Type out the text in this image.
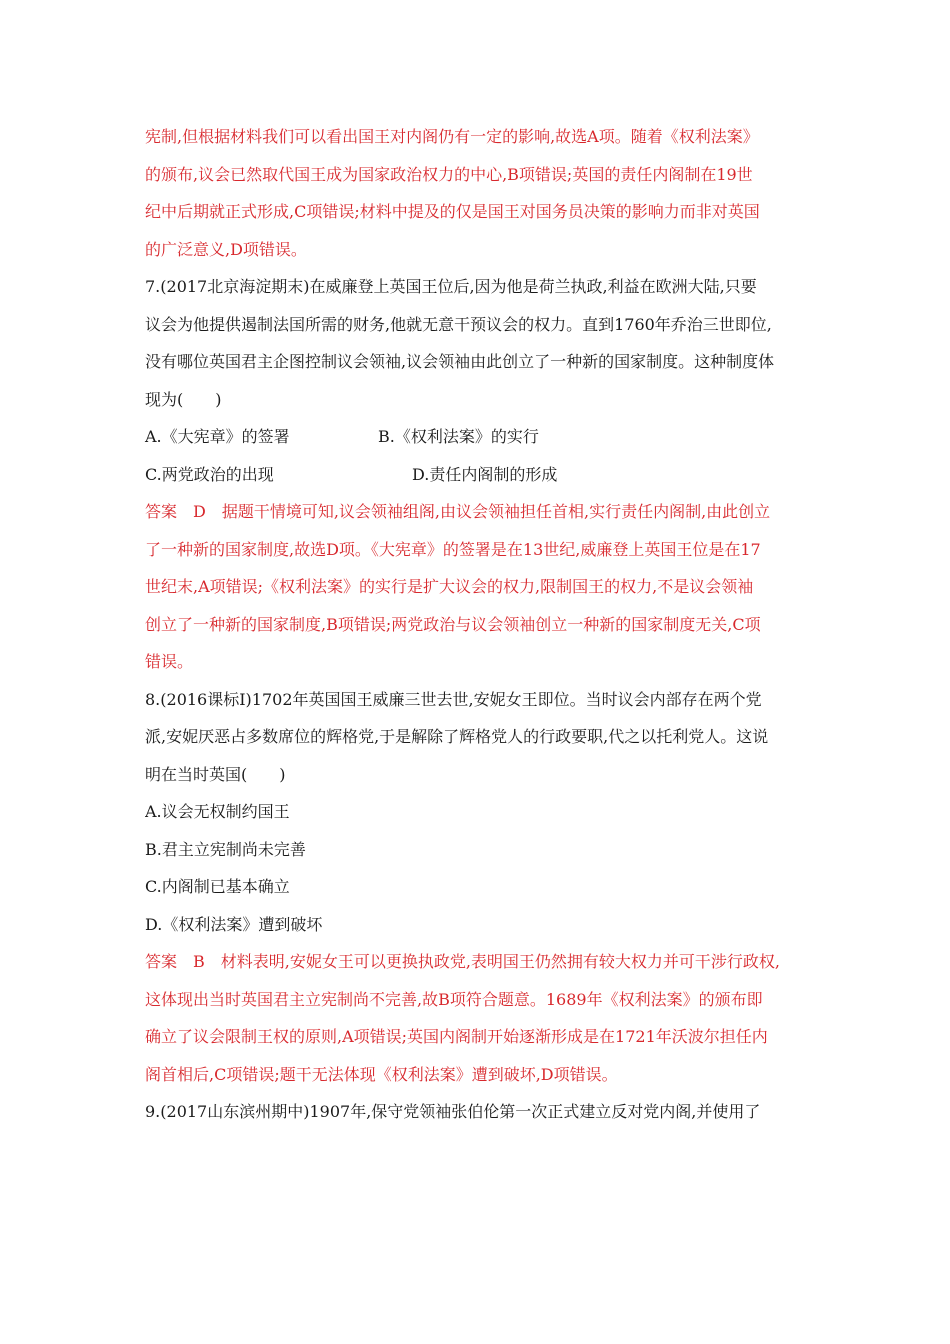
宪制,但根据材料我们可以看出国王对内阁仍有一定的影响,故选A项。随着《权利法案》
的颁布,议会已然取代国王成为国家政治权力的中心,B项错误;英国的责任内阁制在19世
纪中后期就正式形成,C项错误;材料中提及的仅是国王对国务员决策的影响力而非对英国
的广泛意义,D项错误。
7.(2017北京海淀期末)在威廉登上英国王位后,因为他是荷兰执政,利益在欧洲大陆,只要
议会为他提供遏制法国所需的财务,他就无意干预议会的权力。直到1760年乔治三世即位,
没有哪位英国君主企图控制议会领袖,议会领袖由此创立了一种新的国家制度。这种制度体
现为(　　)
A.《大宪章》的签署	B.《权利法案》的实行
C.两党政治的出现	D.责任内阁制的形成
答案　D　据题干情境可知,议会领袖组阁,由议会领袖担任首相,实行责任内阁制,由此创立
了一种新的国家制度,故选D项。《大宪章》的签署是在13世纪,威廉登上英国王位是在17
世纪末,A项错误;《权利法案》的实行是扩大议会的权力,限制国王的权力,不是议会领袖
创立了一种新的国家制度,B项错误;两党政治与议会领袖创立一种新的国家制度无关,C项
错误。
8.(2016课标Ⅰ)1702年英国国王威廉三世去世,安妮女王即位。当时议会内部存在两个党
派,安妮厌恶占多数席位的辉格党,于是解除了辉格党人的行政要职,代之以托利党人。这说
明在当时英国(　　)
A.议会无权制约国王
B.君主立宪制尚未完善
C.内阁制已基本确立
D.《权利法案》遭到破坏
答案　B　材料表明,安妮女王可以更换执政党,表明国王仍然拥有较大权力并可干涉行政权,
这体现出当时英国君主立宪制尚不完善,故B项符合题意。1689年《权利法案》的颁布即
确立了议会限制王权的原则,A项错误;英国内阁制开始逐渐形成是在1721年沃波尔担任内
阁首相后,C项错误;题干无法体现《权利法案》遭到破坏,D项错误。
9.(2017山东滨州期中)1907年,保守党领袖张伯伦第一次正式建立反对党内阁,并使用了
